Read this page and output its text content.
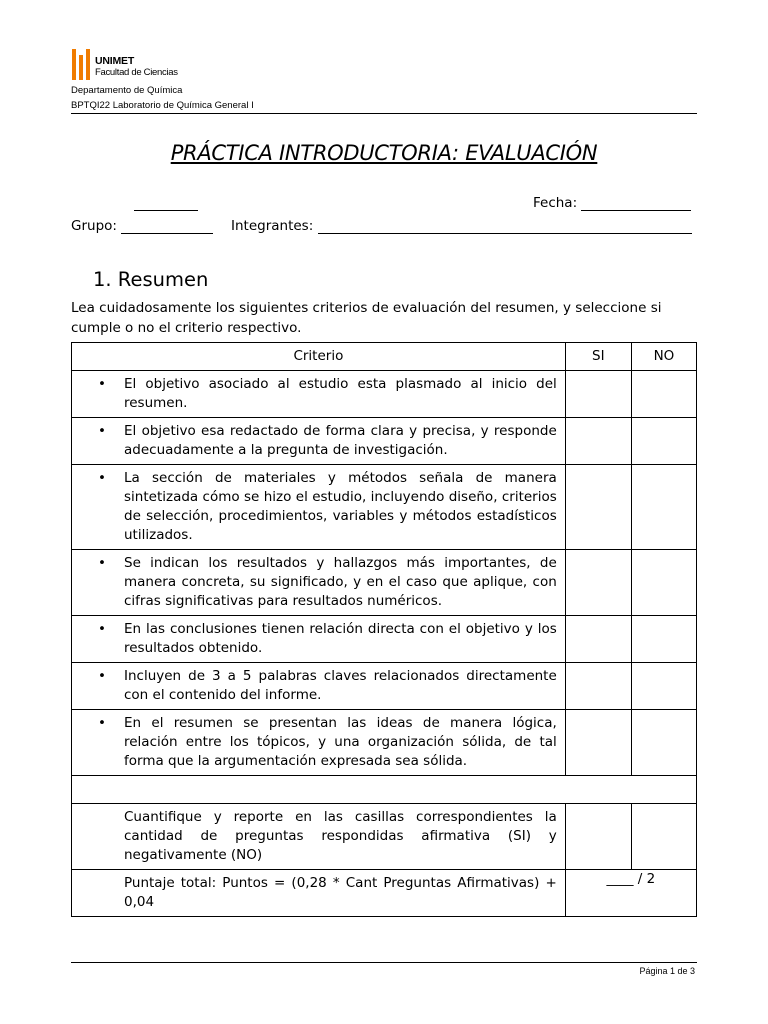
UNIMET
Facultad de Ciencias
Departamento de Química
BPTQI22 Laboratorio de Química General I
PRÁCTICA INTRODUCTORIA: EVALUACIÓN
Fecha:
Grupo:	Integrantes:
1. Resumen
Lea cuidadosamente los siguientes criterios de evaluación del resumen, y seleccione si cumple o no el criterio respectivo.
Criterio	SI	NO

• El objetivo asociado al estudio esta plasmado al inicio del resumen.		

• El objetivo esa redactado de forma clara y precisa, y responde adecuadamente a la pregunta de investigación.		

• La sección de materiales y métodos señala de manera sintetizada cómo se hizo el estudio, incluyendo diseño, criterios de selección, procedimientos, variables y métodos estadísticos utilizados.		

• Se indican los resultados y hallazgos más importantes, de manera concreta, su significado, y en el caso que aplique, con cifras significativas para resultados numéricos.		

• En las conclusiones tienen relación directa con el objetivo y los resultados obtenido.		

• Incluyen de 3 a 5 palabras claves relacionados directamente con el contenido del informe.		

• En el resumen se presentan las ideas de manera lógica, relación entre los tópicos, y una organización sólida, de tal forma que la argumentación expresada sea sólida.		

Cuantifique y reporte en las casillas correspondientes la cantidad de preguntas respondidas afirmativa (SI) y negativamente (NO)		

Puntaje total: Puntos = (0,28 * Cant Preguntas Afirmativas) + 0,04	____ / 2	
Página 1 de 3
